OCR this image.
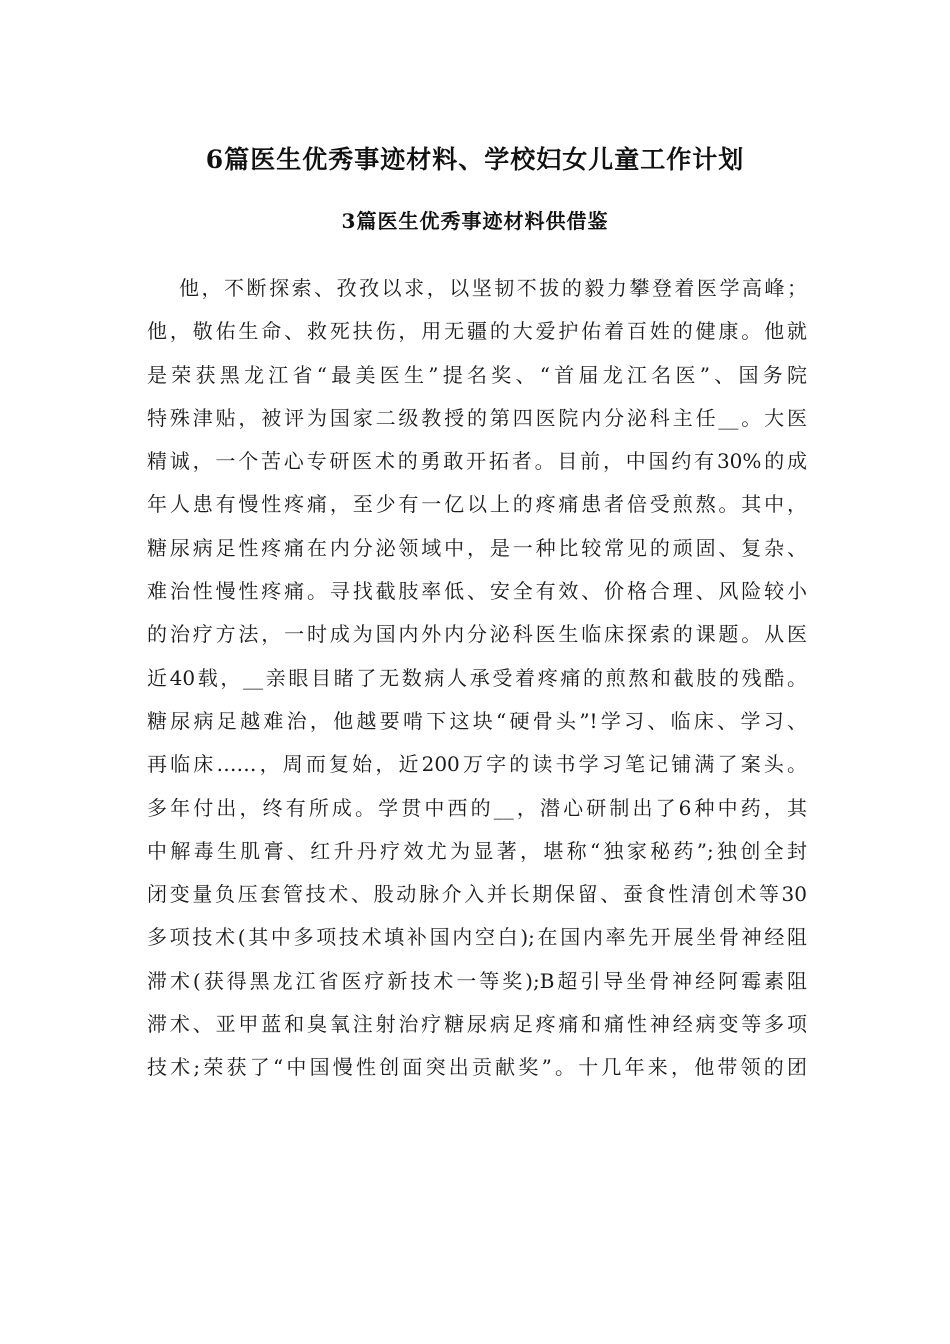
6篇医生优秀事迹材料、学校妇女儿童工作计划
3篇医生优秀事迹材料供借鉴
他，不断探索、孜孜以求，以坚韧不拔的毅力攀登着医学高峰；
他，敬佑生命、救死扶伤，用无疆的大爱护佑着百姓的健康。他就
是荣获黑龙江省“最美医生”提名奖、“首届龙江名医”、国务院
特殊津贴，被评为国家二级教授的第四医院内分泌科主任__。大医
精诚，一个苦心专研医术的勇敢开拓者。目前，中国约有30%的成
年人患有慢性疼痛，至少有一亿以上的疼痛患者倍受煎熬。其中，
糖尿病足性疼痛在内分泌领域中，是一种比较常见的顽固、复杂、
难治性慢性疼痛。寻找截肢率低、安全有效、价格合理、风险较小
的治疗方法，一时成为国内外内分泌科医生临床探索的课题。从医
近40载，__亲眼目睹了无数病人承受着疼痛的煎熬和截肢的残酷。
糖尿病足越难治，他越要啃下这块“硬骨头”!学习、临床、学习、
再临床……，周而复始，近200万字的读书学习笔记铺满了案头。
多年付出，终有所成。学贯中西的__，潜心研制出了6种中药，其
中解毒生肌膏、红升丹疗效尤为显著，堪称“独家秘药”;独创全封
闭变量负压套管技术、股动脉介入并长期保留、蚕食性清创术等30
多项技术(其中多项技术填补国内空白);在国内率先开展坐骨神经阻
滞术(获得黑龙江省医疗新技术一等奖);B超引导坐骨神经阿霉素阻
滞术、亚甲蓝和臭氧注射治疗糖尿病足疼痛和痛性神经病变等多项
技术;荣获了“中国慢性创面突出贡献奖”。十几年来，他带领的团
